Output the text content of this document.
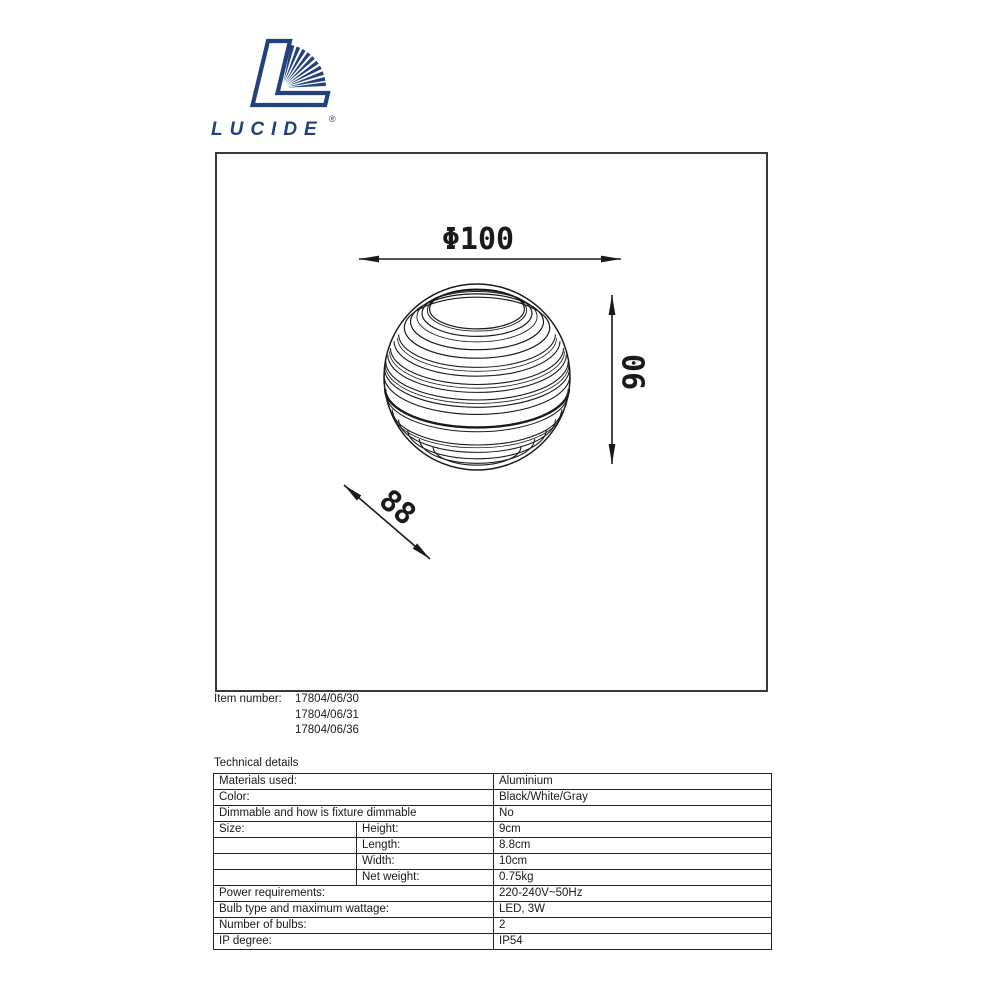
LUCIDE ®
Φ100
90
88
Item number:	17804/06/30
17804/06/31
17804/06/36
Technical details
Materials used:		Aluminium
Color:		Black/White/Gray
Dimmable and how is fixture dimmable		No
Size:	Height:	9cm
	Length:	8.8cm
	Width:	10cm
	Net weight:	0.75kg
Power requirements:		220-240V~50Hz
Bulb type and maximum wattage:		LED, 3W
Number of bulbs:		2
IP degree:		IP54
